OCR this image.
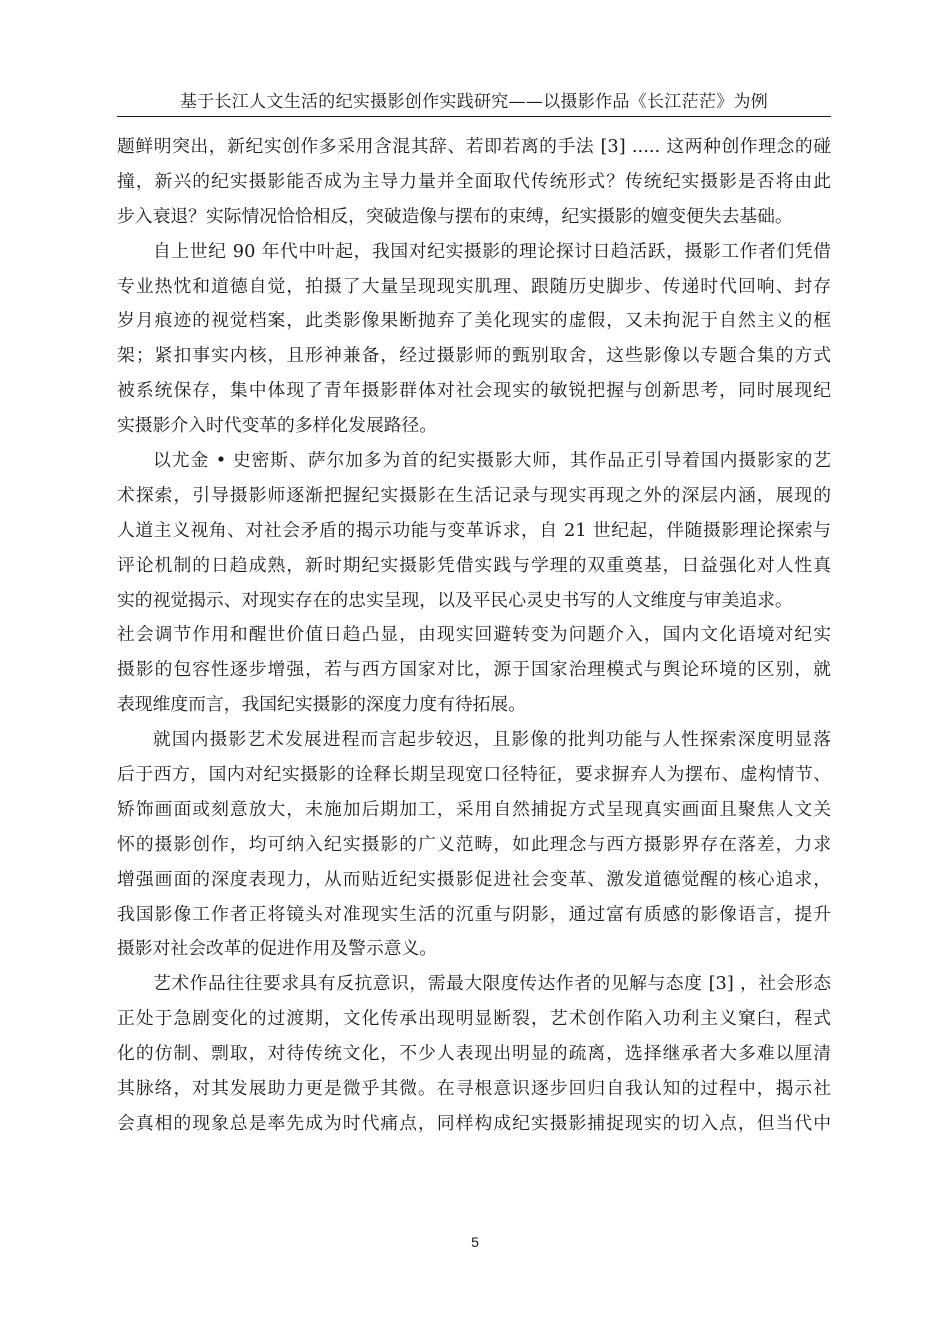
基于长江人文生活的纪实摄影创作实践研究——以摄影作品《长江茫茫》为例
题鲜明突出，新纪实创作多采用含混其辞、若即若离的手法 [3] ..... 这两种创作理念的碰
撞，新兴的纪实摄影能否成为主导力量并全面取代传统形式？传统纪实摄影是否将由此
步入衰退？实际情况恰恰相反，突破造像与摆布的束缚，纪实摄影的嬗变便失去基础。
自上世纪 90 年代中叶起，我国对纪实摄影的理论探讨日趋活跃，摄影工作者们凭借
专业热忱和道德自觉，拍摄了大量呈现现实肌理、跟随历史脚步、传递时代回响、封存
岁月痕迹的视觉档案，此类影像果断抛弃了美化现实的虚假，又未拘泥于自然主义的框
架；紧扣事实内核，且形神兼备，经过摄影师的甄别取舍，这些影像以专题合集的方式
被系统保存，集中体现了青年摄影群体对社会现实的敏锐把握与创新思考，同时展现纪
实摄影介入时代变革的多样化发展路径。
以尤金 • 史密斯、萨尔加多为首的纪实摄影大师，其作品正引导着国内摄影家的艺
术探索，引导摄影师逐渐把握纪实摄影在生活记录与现实再现之外的深层内涵，展现的
人道主义视角、对社会矛盾的揭示功能与变革诉求，自 21 世纪起，伴随摄影理论探索与
评论机制的日趋成熟，新时期纪实摄影凭借实践与学理的双重奠基，日益强化对人性真
实的视觉揭示、对现实存在的忠实呈现，以及平民心灵史书写的人文维度与审美追求。
社会调节作用和醒世价值日趋凸显，由现实回避转变为问题介入，国内文化语境对纪实
摄影的包容性逐步增强，若与西方国家对比，源于国家治理模式与舆论环境的区别，就
表现维度而言，我国纪实摄影的深度力度有待拓展。
就国内摄影艺术发展进程而言起步较迟，且影像的批判功能与人性探索深度明显落
后于西方，国内对纪实摄影的诠释长期呈现宽口径特征，要求摒弃人为摆布、虚构情节、
矫饰画面或刻意放大，未施加后期加工，采用自然捕捉方式呈现真实画面且聚焦人文关
怀的摄影创作，均可纳入纪实摄影的广义范畴，如此理念与西方摄影界存在落差，力求
增强画面的深度表现力，从而贴近纪实摄影促进社会变革、激发道德觉醒的核心追求，
我国影像工作者正将镜头对准现实生活的沉重与阴影，通过富有质感的影像语言，提升
摄影对社会改革的促进作用及警示意义。
艺术作品往往要求具有反抗意识，需最大限度传达作者的见解与态度 [3] ，社会形态
正处于急剧变化的过渡期，文化传承出现明显断裂，艺术创作陷入功利主义窠臼，程式
化的仿制、剽取，对待传统文化，不少人表现出明显的疏离，选择继承者大多难以厘清
其脉络，对其发展助力更是微乎其微。在寻根意识逐步回归自我认知的过程中，揭示社
会真相的现象总是率先成为时代痛点，同样构成纪实摄影捕捉现实的切入点，但当代中
5
